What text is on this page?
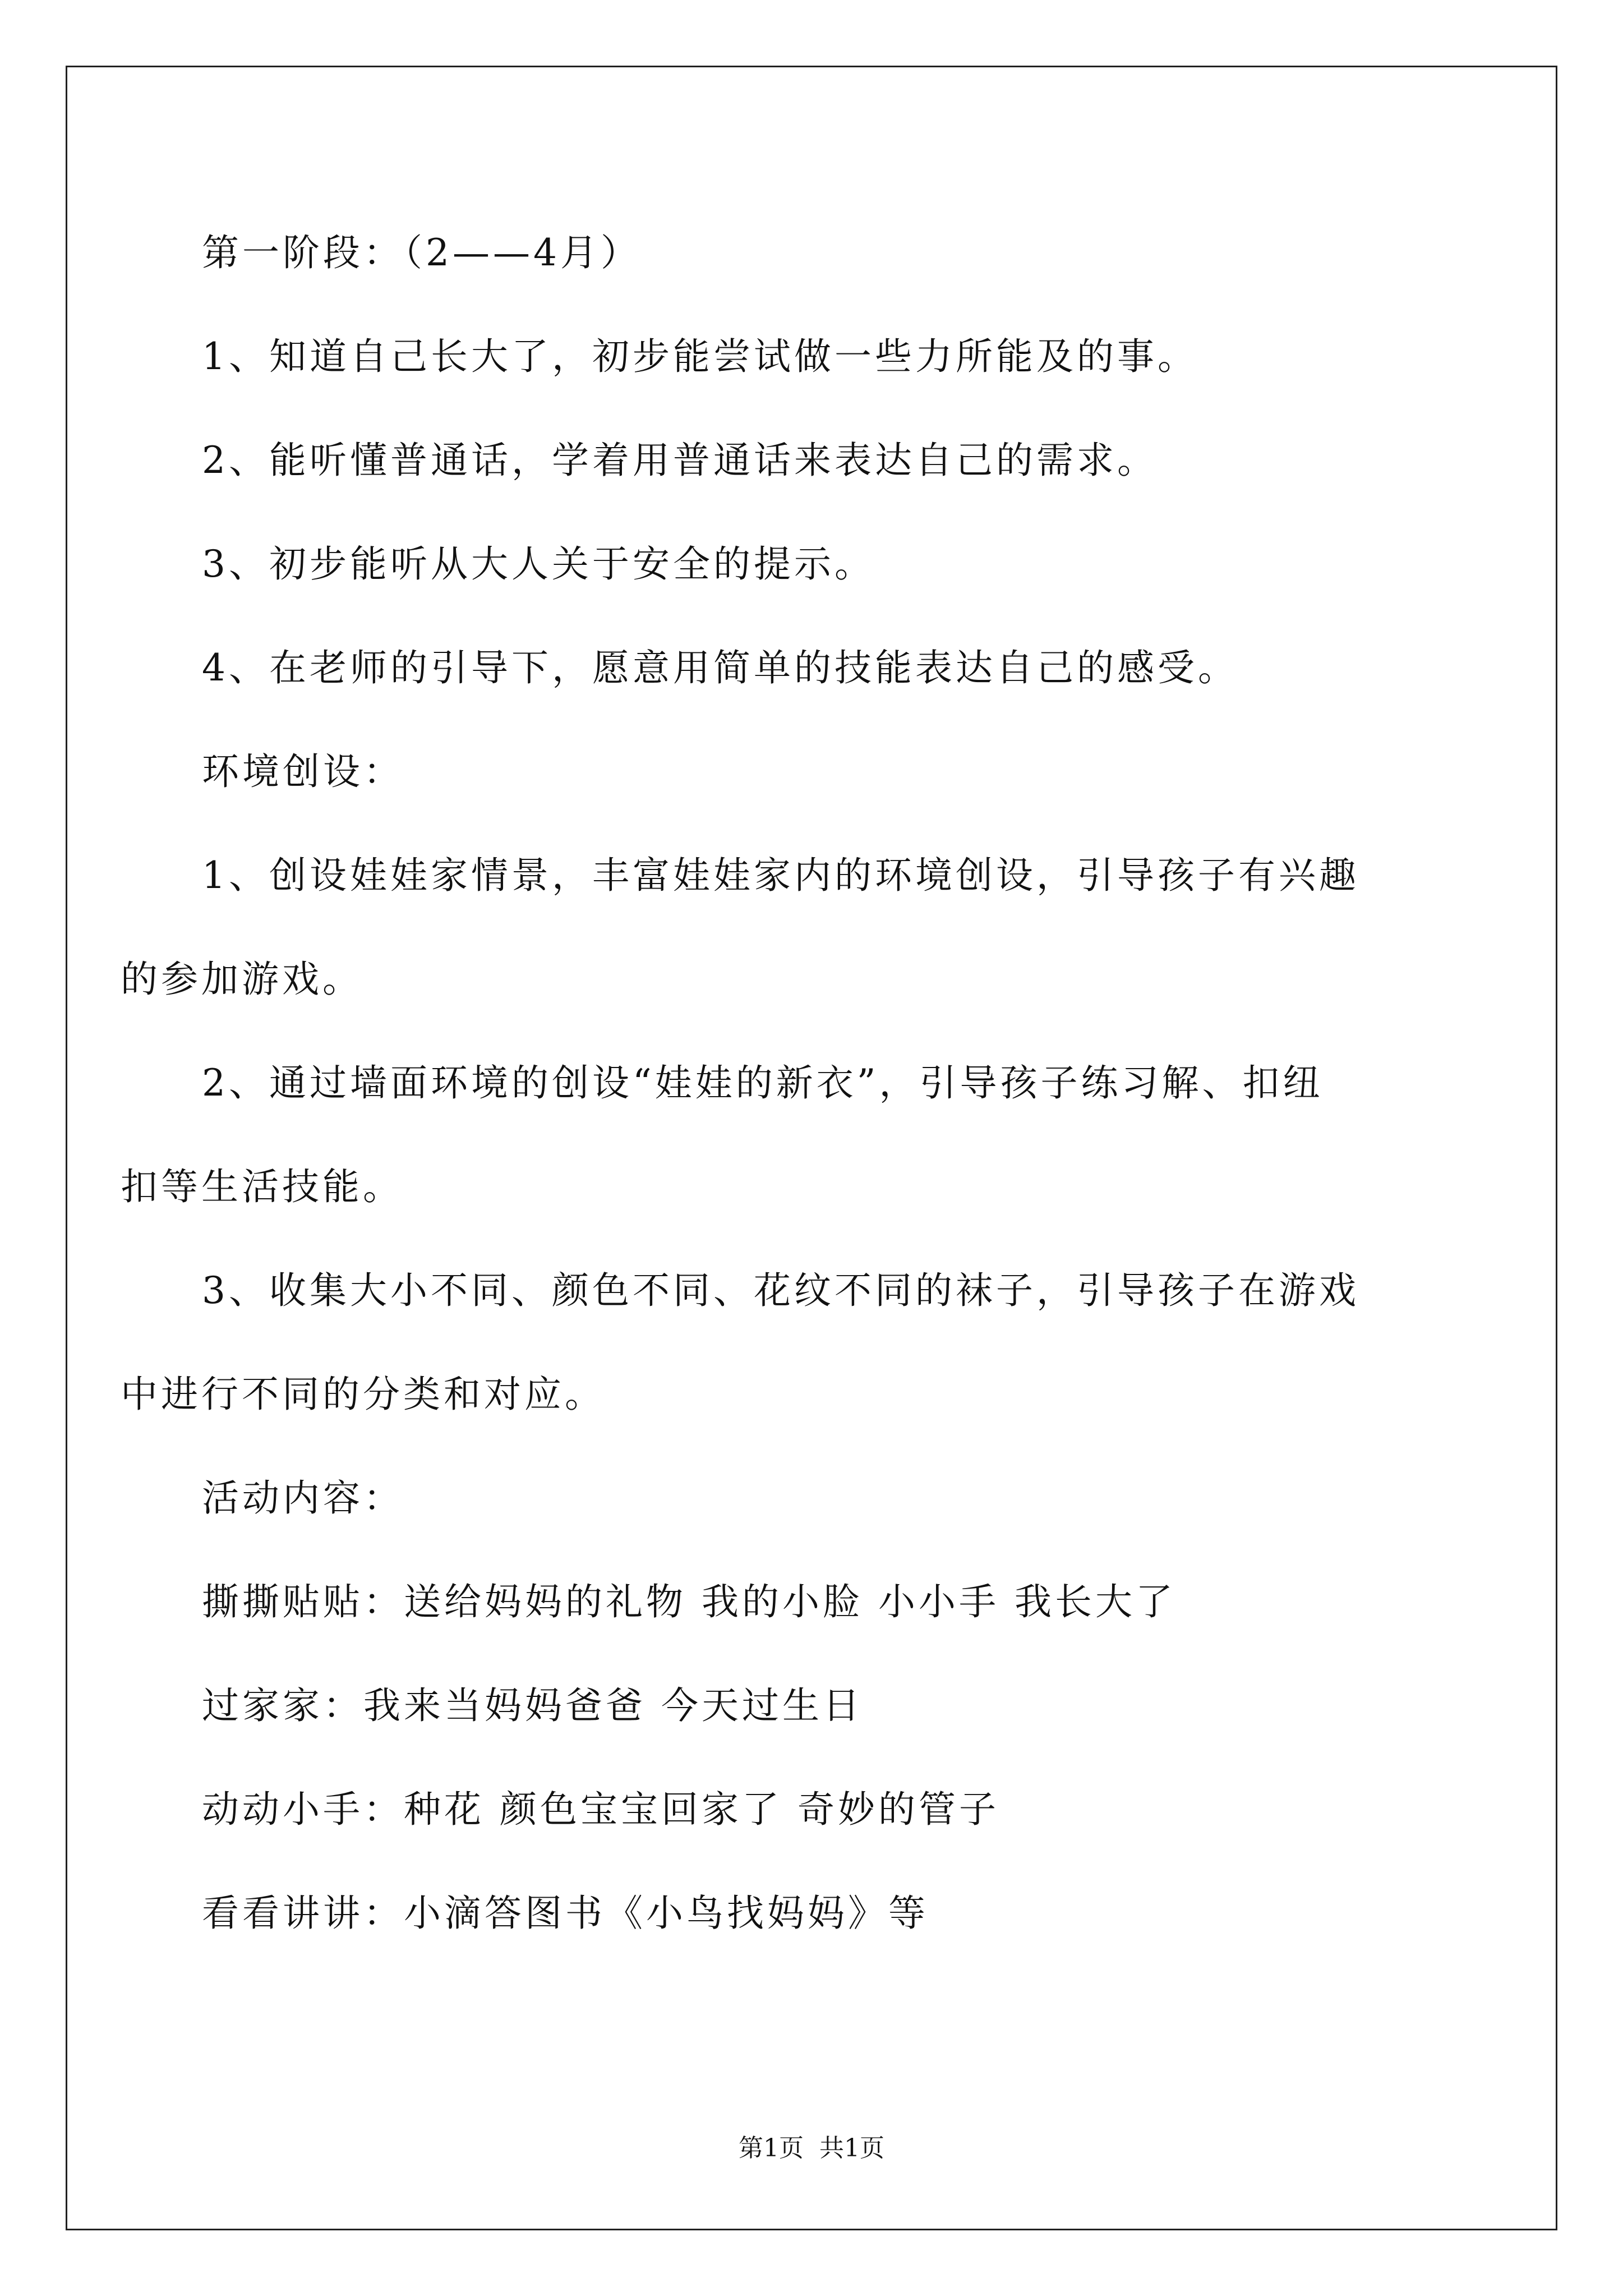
第一阶段：（2——4月）
1、知道自己长大了，初步能尝试做一些力所能及的事。
2、能听懂普通话，学着用普通话来表达自己的需求。
3、初步能听从大人关于安全的提示。
4、在老师的引导下，愿意用简单的技能表达自己的感受。
环境创设：
1、创设娃娃家情景，丰富娃娃家内的环境创设，引导孩子有兴趣
的参加游戏。
2、通过墙面环境的创设“娃娃的新衣”，引导孩子练习解、扣纽
扣等生活技能。
3、收集大小不同、颜色不同、花纹不同的袜子，引导孩子在游戏
中进行不同的分类和对应。
活动内容：
撕撕贴贴：送给妈妈的礼物 我的小脸 小小手 我长大了
过家家：我来当妈妈爸爸 今天过生日
动动小手：种花 颜色宝宝回家了 奇妙的管子
看看讲讲：小滴答图书《小鸟找妈妈》等
第1页 共1页
